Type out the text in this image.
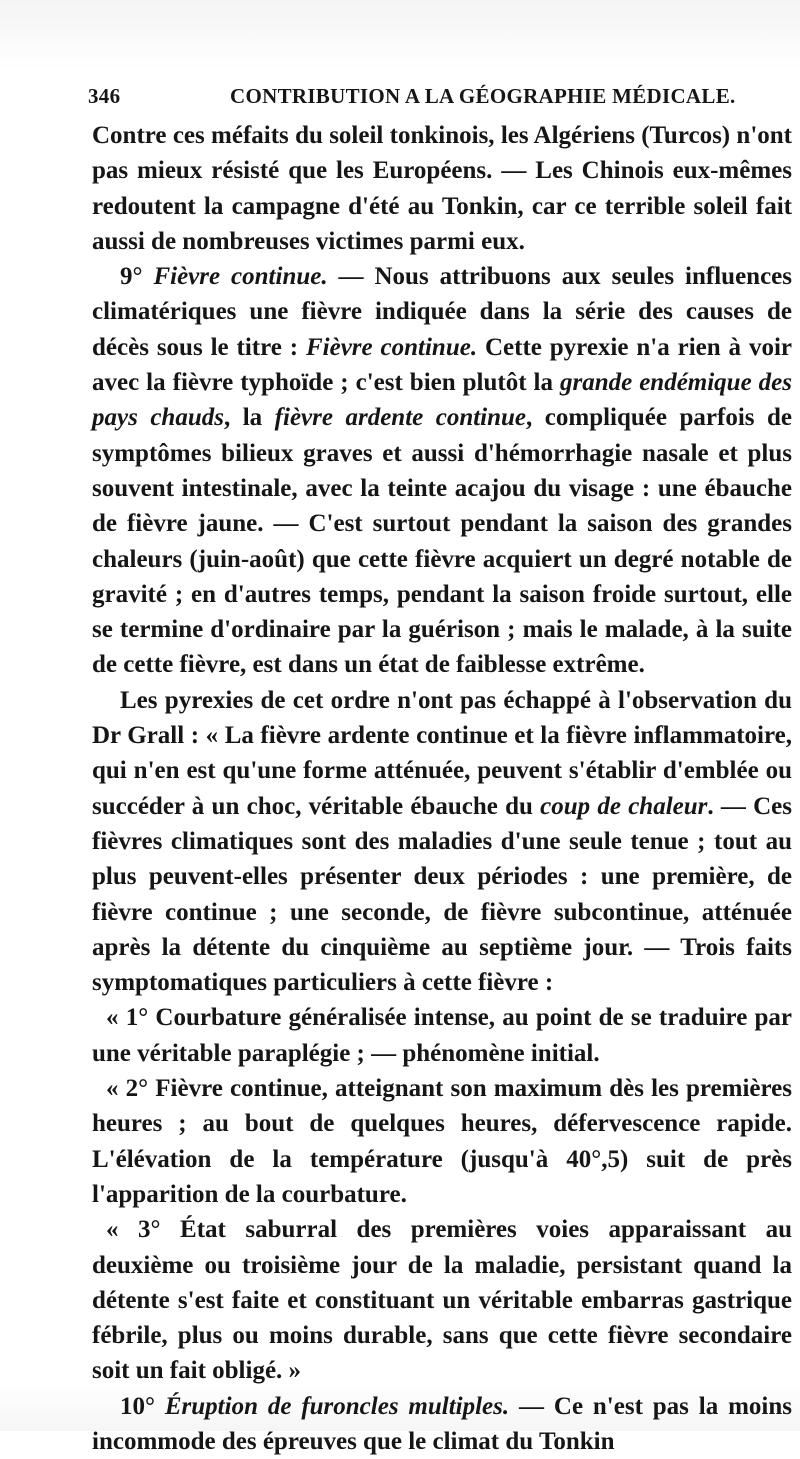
346	CONTRIBUTION A LA GÉOGRAPHIE MÉDICALE.

Contre ces méfaits du soleil tonkinois, les Algériens (Turcos) n'ont pas mieux résisté que les Européens. — Les Chinois eux-mêmes redoutent la campagne d'été au Tonkin, car ce terrible soleil fait aussi de nombreuses victimes parmi eux.

9° Fièvre continue. — Nous attribuons aux seules influences climatériques une fièvre indiquée dans la série des causes de décès sous le titre : Fièvre continue. Cette pyrexie n'a rien à voir avec la fièvre typhoïde ; c'est bien plutôt la grande endémique des pays chauds, la fièvre ardente continue, compliquée parfois de symptômes bilieux graves et aussi d'hémorrhagie nasale et plus souvent intestinale, avec la teinte acajou du visage : une ébauche de fièvre jaune. — C'est surtout pendant la saison des grandes chaleurs (juin-août) que cette fièvre acquiert un degré notable de gravité ; en d'autres temps, pendant la saison froide surtout, elle se termine d'ordinaire par la guérison ; mais le malade, à la suite de cette fièvre, est dans un état de faiblesse extrême.

Les pyrexies de cet ordre n'ont pas échappé à l'observation du Dr Grall : « La fièvre ardente continue et la fièvre inflammatoire, qui n'en est qu'une forme atténuée, peuvent s'établir d'emblée ou succéder à un choc, véritable ébauche du coup de chaleur. — Ces fièvres climatiques sont des maladies d'une seule tenue ; tout au plus peuvent-elles présenter deux périodes : une première, de fièvre continue ; une seconde, de fièvre subcontinue, atténuée après la détente du cinquième au septième jour. — Trois faits symptomatiques particuliers à cette fièvre :

« 1° Courbature généralisée intense, au point de se traduire par une véritable paraplégie ; — phénomène initial.

« 2° Fièvre continue, atteignant son maximum dès les premières heures ; au bout de quelques heures, défervescence rapide. L'élévation de la température (jusqu'à 40°,5) suit de près l'apparition de la courbature.

« 3° État saburral des premières voies apparaissant au deuxième ou troisième jour de la maladie, persistant quand la détente s'est faite et constituant un véritable embarras gastrique fébrile, plus ou moins durable, sans que cette fièvre secondaire soit un fait obligé. »

10° Éruption de furoncles multiples. — Ce n'est pas la moins incommode des épreuves que le climat du Tonkin
